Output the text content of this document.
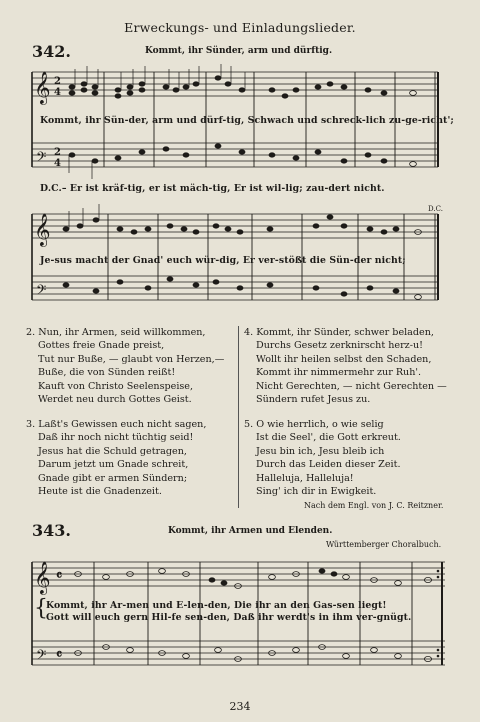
Erweckungs- und Einladungslieder.
342.	Kommt, ihr Sünder, arm und dürftig.
𝄞 2
4
𝄢 2
4
𝄞
𝄢
𝄞 𝄴
𝄢 𝄴
D.C.
Kommt, ihr Sün-der, arm und dürf-tig, Schwach und schreck-lich zu-ge-richt';
D.C.– Er ist kräf-tig, er ist mäch-tig, Er ist wil-lig; zau-dert nicht.
Je-sus macht der Gnad' euch wür-dig, Er ver-stößt die Sün-der nicht;
2. Nun, ihr Armen, seid willkommen,
Gottes freie Gnade preist,
Tut nur Buße, — glaubt von Herzen,—
Buße, die von Sünden reißt!
Kauft von Christo Seelenspeise,
Werdet neu durch Gottes Geist.
4. Kommt, ihr Sünder, schwer beladen,
Durchs Gesetz zerknirscht herz-u!
Wollt ihr heilen selbst den Schaden,
Kommt ihr nimmermehr zur Ruh'.
Nicht Gerechten, — nicht Gerechten —
Sündern rufet Jesus zu.
3. Laßt's Gewissen euch nicht sagen,
Daß ihr noch nicht tüchtig seid!
Jesus hat die Schuld getragen,
Darum jetzt um Gnade schreit,
Gnade gibt er armen Sündern;
Heute ist die Gnadenzeit.
5. O wie herrlich, o wie selig
Ist die Seel', die Gott erkreut.
Jesu bin ich, Jesu bleib ich
Durch das Leiden dieser Zeit.
Halleluja, Halleluja!
Sing' ich dir in Ewigkeit.
Nach dem Engl. von J. C. Reitzner.
343.	Kommt, ihr Armen und Elenden.
Württemberger Choralbuch.
{
Kommt, ihr Ar-men und E-len-den, Die ihr an den Gas-sen liegt!
Gott will euch gern Hil-fe sen-den, Daß ihr werdt's in ihm ver-gnügt.
234
